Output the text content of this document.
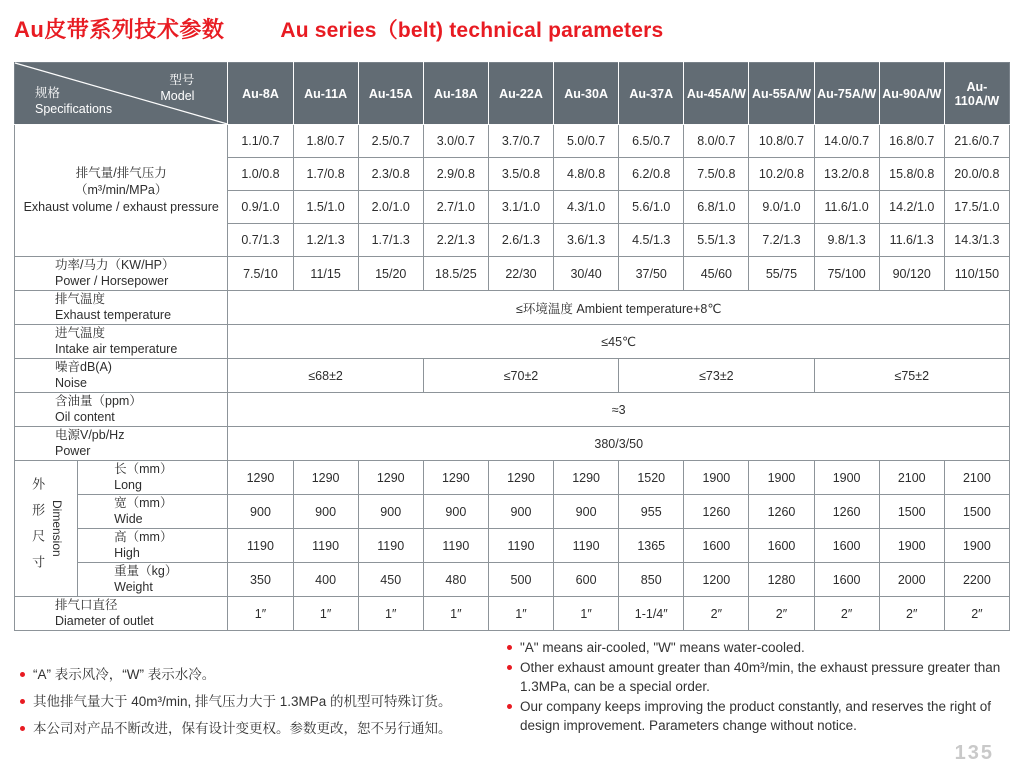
Au皮带系列技术参数	Au series（belt) technical parameters
型号
Model
规格
Specifications		Au-8A	Au-11A	Au-15A	Au-18A	Au-22A	Au-30A	Au-37A	Au-45A/W	Au-55A/W	Au-75A/W	Au-90A/W	Au-110A/W

排气量/排气压力
（m³/min/MPa）
Exhaust volume / exhaust pressure		1.1/0.7	1.8/0.7	2.5/0.7	3.0/0.7	3.7/0.7	5.0/0.7	6.5/0.7	8.0/0.7	10.8/0.7	14.0/0.7	16.8/0.7	21.6/0.7
		1.0/0.8	1.7/0.8	2.3/0.8	2.9/0.8	3.5/0.8	4.8/0.8	6.2/0.8	7.5/0.8	10.2/0.8	13.2/0.8	15.8/0.8	20.0/0.8
		0.9/1.0	1.5/1.0	2.0/1.0	2.7/1.0	3.1/1.0	4.3/1.0	5.6/1.0	6.8/1.0	9.0/1.0	11.6/1.0	14.2/1.0	17.5/1.0
		0.7/1.3	1.2/1.3	1.7/1.3	2.2/1.3	2.6/1.3	3.6/1.3	4.5/1.3	5.5/1.3	7.2/1.3	9.8/1.3	11.6/1.3	14.3/1.3

功率/马力（KW/HP）
Power / Horsepower		7.5/10	11/15	15/20	18.5/25	22/30	30/40	37/50	45/60	55/75	75/100	90/120	110/150

排气温度
Exhaust temperature		≤环境温度 Ambient temperature+8℃											

进气温度
Intake air temperature		≤45℃											

噪音dB(A)
Noise		≤68±2			≤70±2			≤73±2			≤75±2		

含油量（ppm）
Oil content		≈3											

电源V/pb/Hz
Power		380/3/50											

外形尺寸 Dimension	长（mm）
Long	1290	1290	1290	1290	1290	1290	1520	1900	1900	1900	2100	2100

	宽（mm）
Wide	900	900	900	900	900	900	955	1260	1260	1260	1500	1500

	高（mm）
High	1190	1190	1190	1190	1190	1190	1365	1600	1600	1600	1900	1900

	重量（kg）
Weight	350	400	450	480	500	600	850	1200	1280	1600	2000	2200

排气口直径
Diameter of outlet		1″	1″	1″	1″	1″	1″	1-1/4″	2″	2″	2″	2″	2″
“A” 表示风冷，“W” 表示水冷。
其他排气量大于 40m³/min, 排气压力大于 1.3MPa 的机型可特殊订货。
本公司对产品不断改进，保有设计变更权。参数更改，恕不另行通知。
"A" means air-cooled, "W" means water-cooled.
Other exhaust amount greater than 40m³/min, the exhaust pressure greater than 1.3MPa, can be a special order.
Our company keeps improving the product constantly, and reserves the right of design improvement. Parameters change without notice.
135
